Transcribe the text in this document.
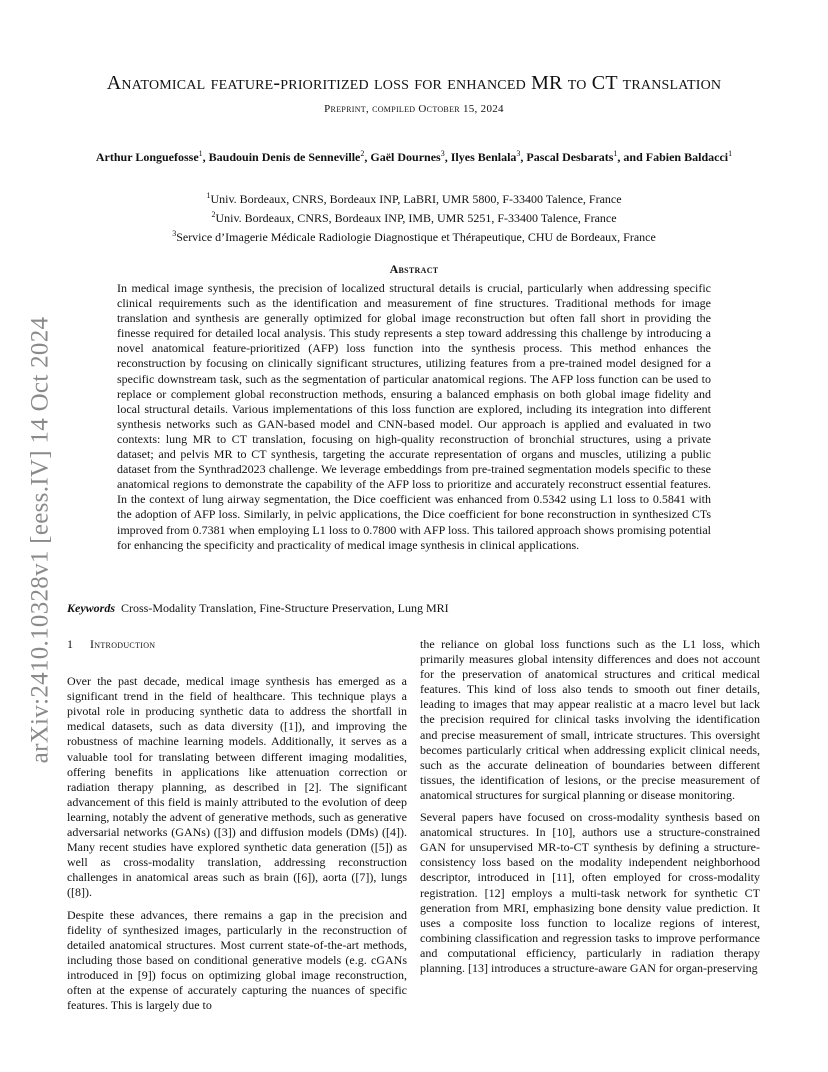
arXiv:2410.10328v1 [eess.IV] 14 Oct 2024
Anatomical feature-prioritized loss for enhanced MR to CT translation
Preprint, compiled October 15, 2024
Arthur Longuefosse$^1$, Baudouin Denis de Senneville$^2$, Gaël Dournes$^3$, Ilyes Benlala$^3$, Pascal Desbarats$^1$, and Fabien Baldacci$^1$
$^1$Univ. Bordeaux, CNRS, Bordeaux INP, LaBRI, UMR 5800, F-33400 Talence, France
$^2$Univ. Bordeaux, CNRS, Bordeaux INP, IMB, UMR 5251, F-33400 Talence, France
$^3$Service d’Imagerie Médicale Radiologie Diagnostique et Thérapeutique, CHU de Bordeaux, France
Abstract

In medical image synthesis, the precision of localized structural details is crucial, particularly when addressing specific clinical requirements such as the identification and measurement of fine structures. Traditional methods for image translation and synthesis are generally optimized for global image reconstruction but often fall short in providing the finesse required for detailed local analysis. This study represents a step toward addressing this challenge by introducing a novel anatomical feature-prioritized (AFP) loss function into the synthesis process. This method enhances the reconstruction by focusing on clinically significant structures, utilizing features from a pre-trained model designed for a specific downstream task, such as the segmentation of particular anatomical regions. The AFP loss function can be used to replace or complement global reconstruction methods, ensuring a balanced emphasis on both global image fidelity and local structural details. Various implementations of this loss function are explored, including its integration into different synthesis networks such as GAN-based model and CNN-based model. Our approach is applied and evaluated in two contexts: lung MR to CT translation, focusing on high-quality reconstruction of bronchial structures, using a private dataset; and pelvis MR to CT synthesis, targeting the accurate representation of organs and muscles, utilizing a public dataset from the Synthrad2023 challenge. We leverage embeddings from pre-trained segmentation models specific to these anatomical regions to demonstrate the capability of the AFP loss to prioritize and accurately reconstruct essential features. In the context of lung airway segmentation, the Dice coefficient was enhanced from 0.5342 using L1 loss to 0.5841 with the adoption of AFP loss. Similarly, in pelvic applications, the Dice coefficient for bone reconstruction in synthesized CTs improved from 0.7381 when employing L1 loss to 0.7800 with AFP loss. This tailored approach shows promising potential for enhancing the specificity and practicality of medical image synthesis in clinical applications.

Keywords Cross-Modality Translation, Fine-Structure Preservation, Lung MRI
1 Introduction

Over the past decade, medical image synthesis has emerged as a significant trend in the field of healthcare. This technique plays a pivotal role in producing synthetic data to address the shortfall in medical datasets, such as data diversity ([1]), and improving the robustness of machine learning models. Additionally, it serves as a valuable tool for translating between different imaging modalities, offering benefits in applications like attenuation correction or radiation therapy planning, as described in [2]. The significant advancement of this field is mainly attributed to the evolution of deep learning, notably the advent of generative methods, such as generative adversarial networks (GANs) ([3]) and diffusion models (DMs) ([4]). Many recent studies have explored synthetic data generation ([5]) as well as cross-modality translation, addressing reconstruction challenges in anatomical areas such as brain ([6]), aorta ([7]), lungs ([8]).

Despite these advances, there remains a gap in the precision and fidelity of synthesized images, particularly in the reconstruction of detailed anatomical structures. Most current state-of-the-art methods, including those based on conditional generative models (e.g. cGANs introduced in [9]) focus on optimizing global image reconstruction, often at the expense of accurately capturing the nuances of specific features. This is largely due to

the reliance on global loss functions such as the L1 loss, which primarily measures global intensity differences and does not account for the preservation of anatomical structures and critical medical features. This kind of loss also tends to smooth out finer details, leading to images that may appear realistic at a macro level but lack the precision required for clinical tasks involving the identification and precise measurement of small, intricate structures. This oversight becomes particularly critical when addressing explicit clinical needs, such as the accurate delineation of boundaries between different tissues, the identification of lesions, or the precise measurement of anatomical structures for surgical planning or disease monitoring.

Several papers have focused on cross-modality synthesis based on anatomical structures. In [10], authors use a structure-constrained GAN for unsupervised MR-to-CT synthesis by defining a structure-consistency loss based on the modality independent neighborhood descriptor, introduced in [11], often employed for cross-modality registration. [12] employs a multi-task network for synthetic CT generation from MRI, emphasizing bone density value prediction. It uses a composite loss function to localize regions of interest, combining classification and regression tasks to improve performance and computational efficiency, particularly in radiation therapy planning. [13] introduces a structure-aware GAN for organ-preserving
